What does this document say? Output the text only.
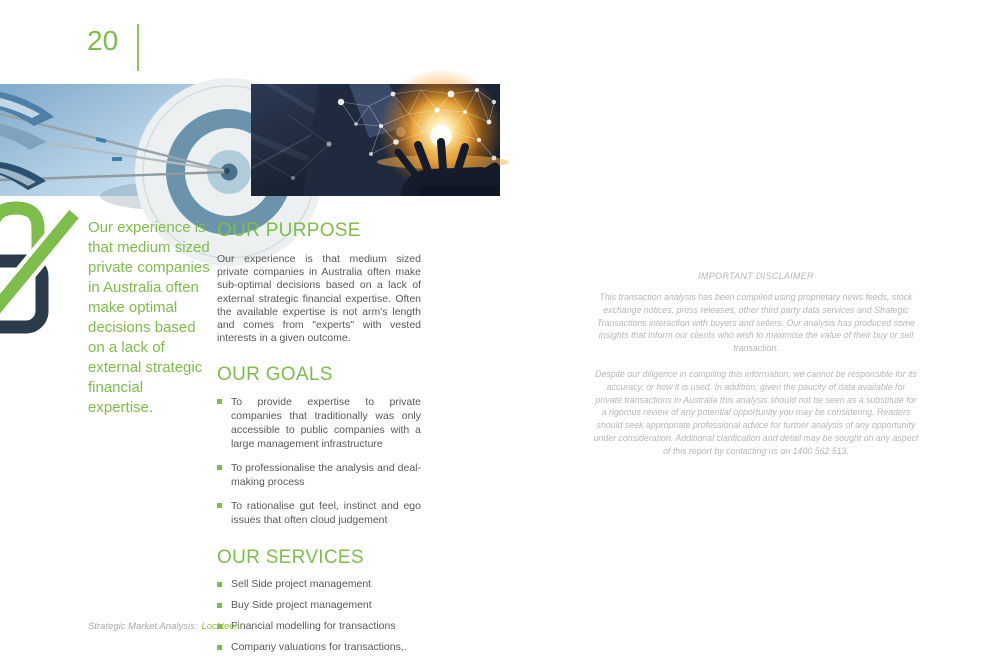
20

Our experience is that medium sized private companies in Australia often make optimal decisions based on a lack of external strategic financial expertise.

OUR PURPOSE

Our experience is that medium sized private companies in Australia often make sub-optimal decisions based on a lack of external strategic financial expertise. Often the available expertise is not arm's length and comes from "experts" with vested interests in a given outcome.

OUR GOALS
To provide expertise to private companies that traditionally was only accessible to public companies with a large management infrastructure
To professionalise the analysis and deal-making process
To rationalise gut feel, instinct and ego issues that often cloud judgement
OUR SERVICES
Sell Side project management
Buy Side project management
Financial modelling for transactions
Company valuations for transactions,.
IMPORTANT DISCLAIMER

This transaction analysis has been compiled using proprietary news feeds, stock exchange notices, press releases, other third party data services and Strategic Transactions interaction with buyers and sellers. Our analysis has produced some insights that inform our clients who wish to maximise the value of their buy or sell transaction.

Despite our diligence in compiling this information, we cannot be responsible for its accuracy, or how it is used. In addition, given the paucity of data available for private transactions in Australia this analysis should not be seen as a substitute for a rigorous review of any potential opportunity you may be considering. Readers should seek appropriate professional advice for further analysis of any opportunity under consideration. Additional clarification and detail may be sought on any aspect of this report by contacting us on 1400 562 513.

Strategic Market Analysis: Locktech
